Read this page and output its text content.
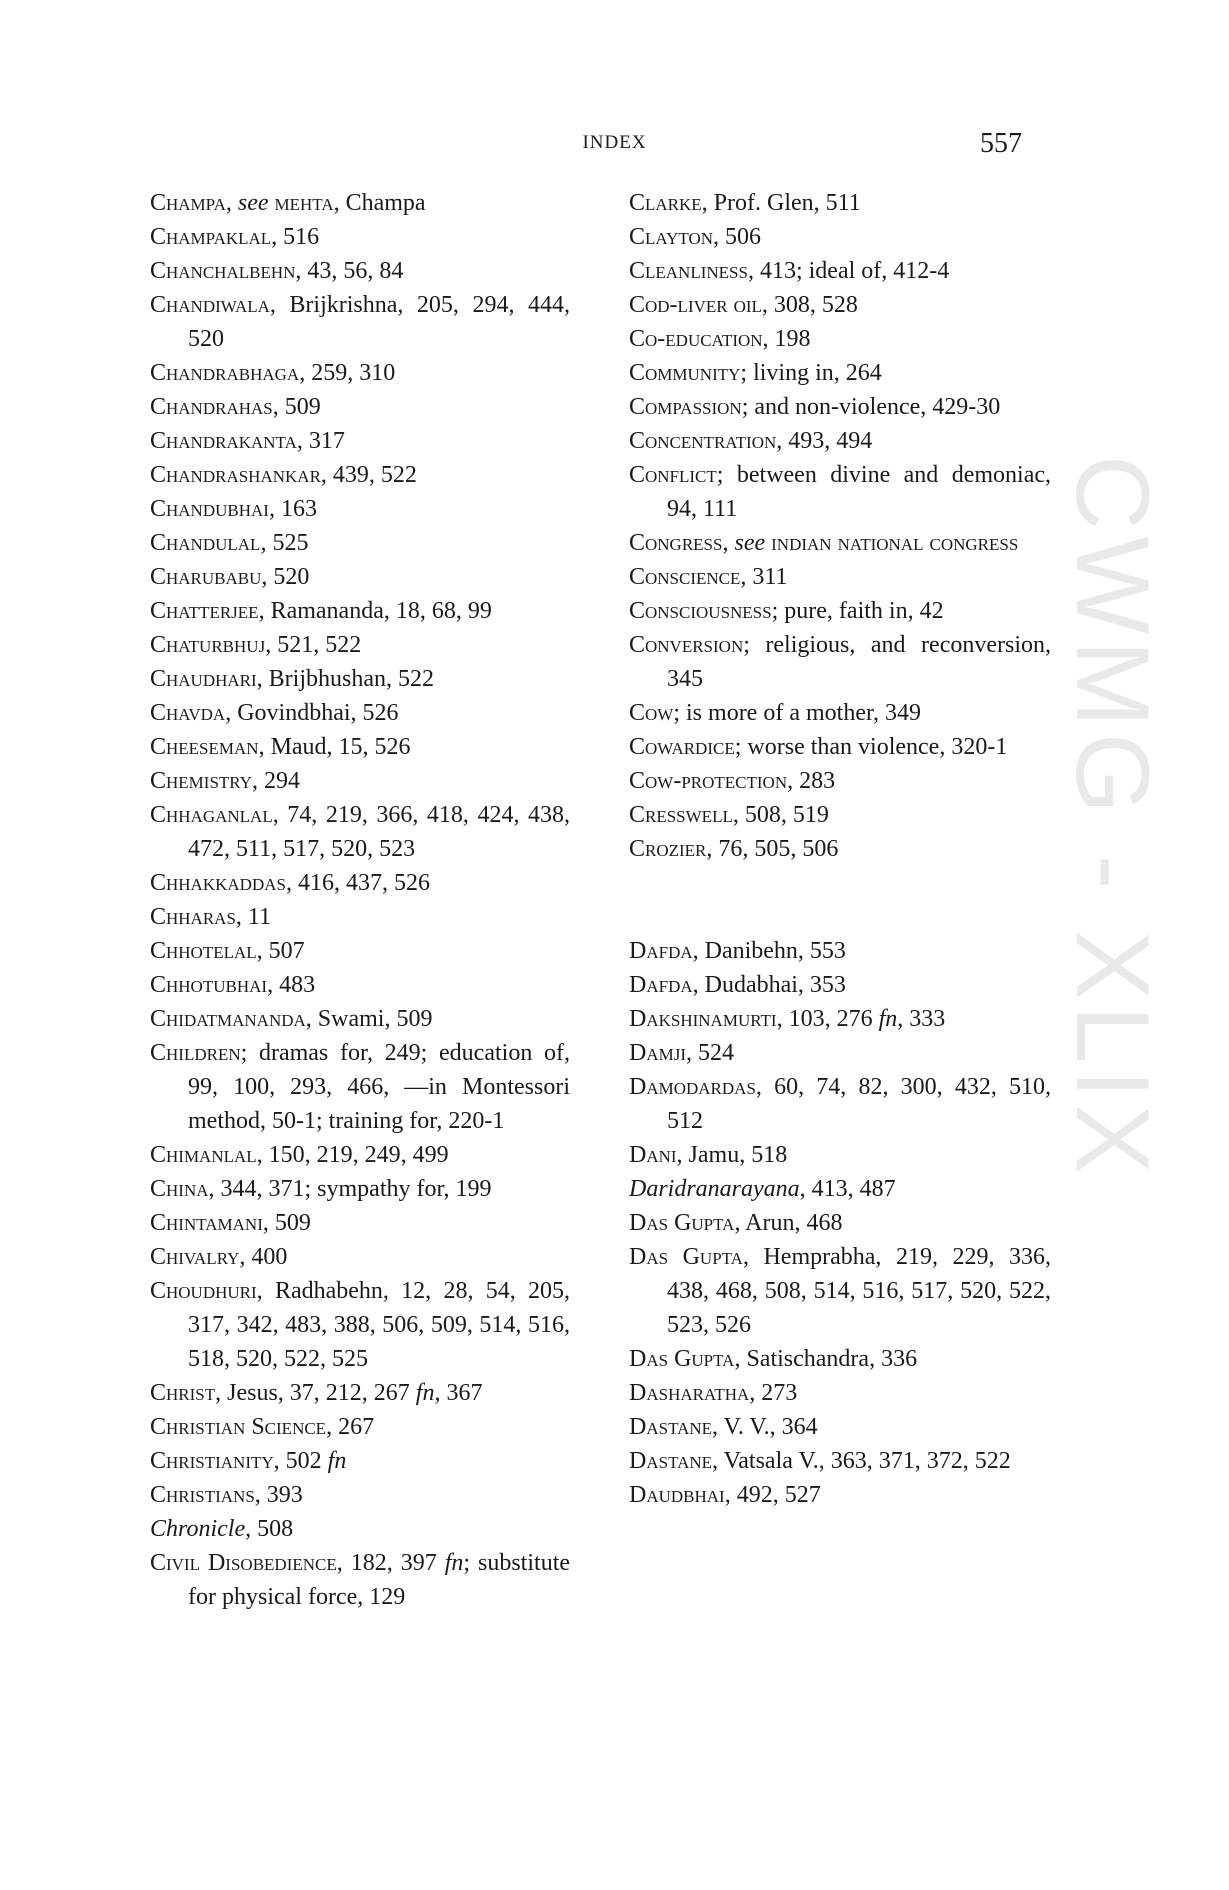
INDEX	557

Champa, see mehta, Champa

Champaklal, 516

Chanchalbehn, 43, 56, 84

Chandiwala, Brijkrishna, 205, 294, 444, 520

Chandrabhaga, 259, 310

Chandrahas, 509

Chandrakanta, 317

Chandrashankar, 439, 522

Chandubhai, 163

Chandulal, 525

Charubabu, 520

Chatterjee, Ramananda, 18, 68, 99

Chaturbhuj, 521, 522

Chaudhari, Brijbhushan, 522

Chavda, Govindbhai, 526

Cheeseman, Maud, 15, 526

Chemistry, 294

Chhaganlal, 74, 219, 366, 418, 424, 438, 472, 511, 517, 520, 523

Chhakkaddas, 416, 437, 526

Chharas, 11

Chhotelal, 507

Chhotubhai, 483

Chidatmananda, Swami, 509

Children; dramas for, 249; education of, 99, 100, 293, 466, —in Montessori method, 50-1; training for, 220-1

Chimanlal, 150, 219, 249, 499

China, 344, 371; sympathy for, 199

Chintamani, 509

Chivalry, 400

Choudhuri, Radhabehn, 12, 28, 54, 205, 317, 342, 483, 388, 506, 509, 514, 516, 518, 520, 522, 525

Christ, Jesus, 37, 212, 267 fn, 367

Christian Science, 267

Christianity, 502 fn

Christians, 393

Chronicle, 508

Civil Disobedience, 182, 397 fn; substitute for physical force, 129

Clarke, Prof. Glen, 511

Clayton, 506

Cleanliness, 413; ideal of, 412-4

Cod-liver oil, 308, 528

Co-education, 198

Community; living in, 264

Compassion; and non-violence, 429-30

Concentration, 493, 494

Conflict; between divine and demoniac, 94, 111

Congress, see indian national congress

Conscience, 311

Consciousness; pure, faith in, 42

Conversion; religious, and reconversion, 345

Cow; is more of a mother, 349

Cowardice; worse than violence, 320-1

Cow-protection, 283

Cresswell, 508, 519

Crozier, 76, 505, 506

Dafda, Danibehn, 553

Dafda, Dudabhai, 353

Dakshinamurti, 103, 276 fn, 333

Damji, 524

Damodardas, 60, 74, 82, 300, 432, 510, 512

Dani, Jamu, 518

Daridranarayana, 413, 487

Das Gupta, Arun, 468

Das Gupta, Hemprabha, 219, 229, 336, 438, 468, 508, 514, 516, 517, 520, 522, 523, 526

Das Gupta, Satischandra, 336

Dasharatha, 273

Dastane, V. V., 364

Dastane, Vatsala V., 363, 371, 372, 522

Daudbhai, 492, 527

CWMG - XLIX
